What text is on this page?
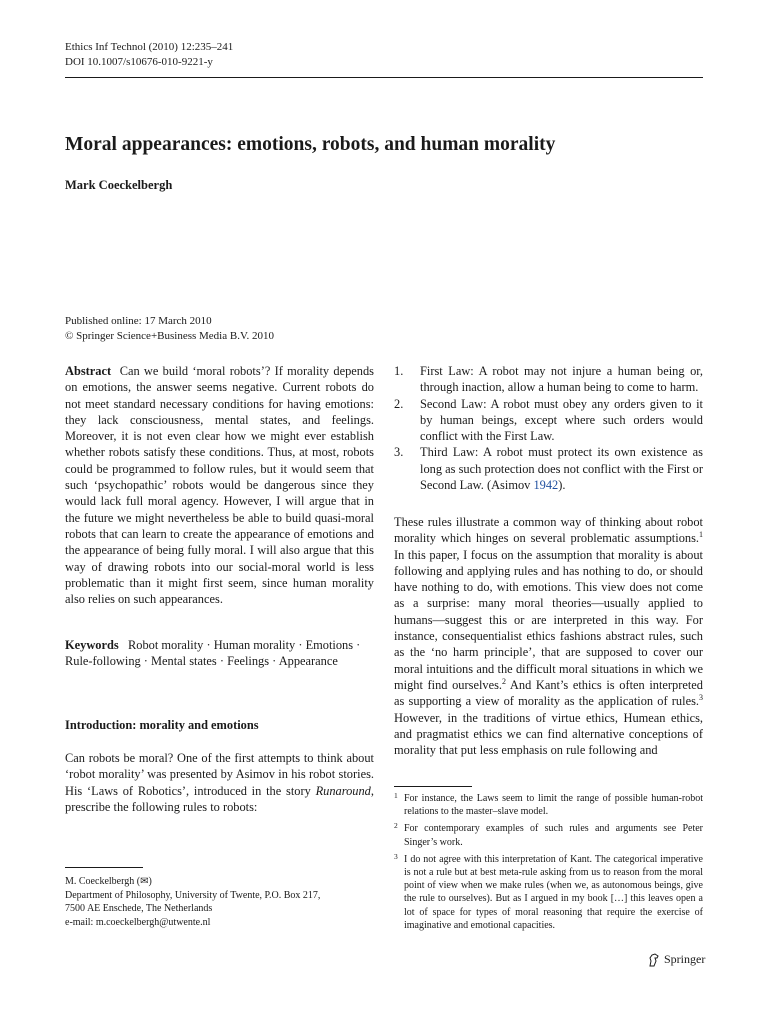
Ethics Inf Technol (2010) 12:235–241
DOI 10.1007/s10676-010-9221-y
Moral appearances: emotions, robots, and human morality
Mark Coeckelbergh
Published online: 17 March 2010
© Springer Science+Business Media B.V. 2010
Abstract Can we build ‘moral robots’? If morality depends on emotions, the answer seems negative. Current robots do not meet standard necessary conditions for having emotions: they lack consciousness, mental states, and feelings. Moreover, it is not even clear how we might ever establish whether robots satisfy these conditions. Thus, at most, robots could be programmed to follow rules, but it would seem that such ‘psychopathic’ robots would be dangerous since they would lack full moral agency. However, I will argue that in the future we might nevertheless be able to build quasi-moral robots that can learn to create the appearance of emotions and the appearance of being fully moral. I will also argue that this way of drawing robots into our social-moral world is less problematic than it might first seem, since human morality also relies on such appearances.
Keywords Robot morality · Human morality · Emotions · Rule-following · Mental states · Feelings · Appearance
Introduction: morality and emotions
Can robots be moral? One of the first attempts to think about ‘robot morality’ was presented by Asimov in his robot stories. His ‘Laws of Robotics’, introduced in the story Runaround, prescribe the following rules to robots:
M. Coeckelbergh (✉)
Department of Philosophy, University of Twente, P.O. Box 217,
7500 AE Enschede, The Netherlands
e-mail: m.coeckelbergh@utwente.nl
1. First Law: A robot may not injure a human being or, through inaction, allow a human being to come to harm.
2. Second Law: A robot must obey any orders given to it by human beings, except where such orders would conflict with the First Law.
3. Third Law: A robot must protect its own existence as long as such protection does not conflict with the First or Second Law. (Asimov 1942).
These rules illustrate a common way of thinking about robot morality which hinges on several problematic assumptions.$^1$ In this paper, I focus on the assumption that morality is about following and applying rules and has nothing to do, or should have nothing to do, with emotions. This view does not come as a surprise: many moral theories—usually applied to humans—suggest this or are interpreted in this way. For instance, consequentialist ethics fashions abstract rules, such as the ‘no harm principle’, that are supposed to cover our moral intuitions and the difficult moral situations in which we might find ourselves.$^2$ And Kant’s ethics is often interpreted as supporting a view of morality as the application of rules.$^3$ However, in the traditions of virtue ethics, Humean ethics, and pragmatist ethics we can find alternative conceptions of morality that put less emphasis on rule following and
1 For instance, the Laws seem to limit the range of possible human-robot relations to the master–slave model.
2 For contemporary examples of such rules and arguments see Peter Singer’s work.
3 I do not agree with this interpretation of Kant. The categorical imperative is not a rule but at best meta-rule asking from us to reason from the moral point of view when we make rules (when we, as autonomous beings, give the rule to ourselves). But as I argued in my book […] this leaves open a lot of space for types of moral reasoning that require the exercise of imaginative and emotional capacities.
Springer
